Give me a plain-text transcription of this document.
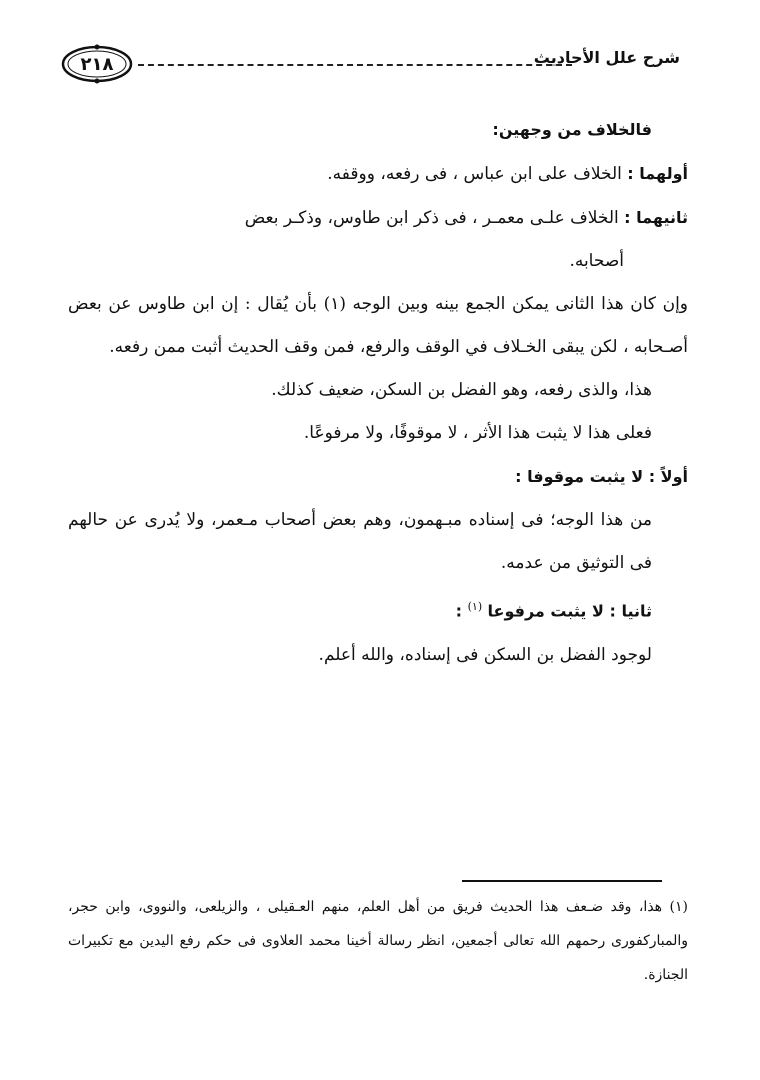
٢١٨	شرح علل الأحاديث

فالخلاف من وجهين:

أولهما : الخلاف على ابن عباس ، فى رفعه، ووقفه.

ثانيهما : الخلاف علـى معمـر ، فى ذكر ابن طاوس، وذكـر بعض

أصحابه.

وإن كان هذا الثانى يمكن الجمع بينه وبين الوجه (١) بأن يُقال : إن ابن طاوس عن بعض أصـحابه ، لكن يبقى الخـلاف في الوقف والرفع، فمن وقف الحديث أثبت ممن رفعه.

هذا، والذى رفعه، وهو الفضل بن السكن، ضعيف كذلك.

فعلى هذا لا يثبت هذا الأثر ، لا موقوفًا، ولا مرفوعًا.

أولاً : لا يثبت موقوفا :

من هذا الوجه؛ فى إسناده مبـهمون، وهم بعض أصحاب مـعمر، ولا يُدرى عن حالهم فى التوثيق من عدمه.

ثانيا : لا يثبت مرفوعا $^{(١)}$ :

لوجود الفضل بن السكن فى إسناده، والله أعلم.

(١) هذا، وقد ضـعف هذا الحديث فريق من أهل العلم، منهم العـقيلى ، والزيلعى، والنووى، وابن حجر، والمباركفورى رحمهم الله تعالى أجمعين، انظر رسالة أخينا محمد العلاوى فى حكم رفع اليدين مع تكبيرات الجنازة.
